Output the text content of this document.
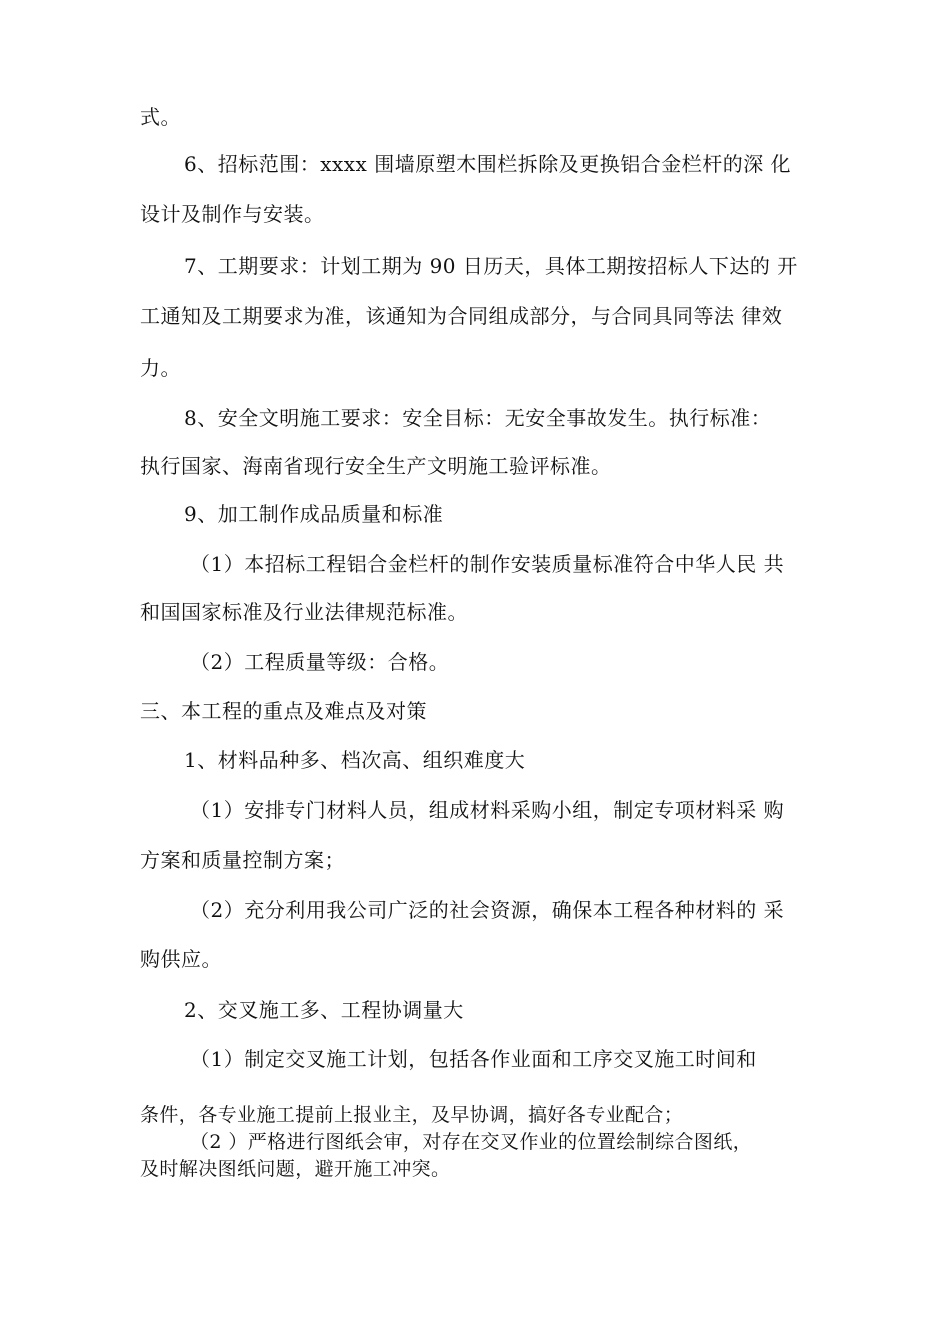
式。
6、招标范围：xxxx 围墙原塑木围栏拆除及更换铝合金栏杆的深 化
设计及制作与安装。
7、工期要求：计划工期为 90 日历天，具体工期按招标人下达的 开
工通知及工期要求为准，该通知为合同组成部分，与合同具同等法 律效
力。
8、安全文明施工要求：安全目标：无安全事故发生。执行标准：
执行国家、海南省现行安全生产文明施工验评标准。
9、加工制作成品质量和标准
（1）本招标工程铝合金栏杆的制作安装质量标准符合中华人民 共
和国国家标准及行业法律规范标准。
（2）工程质量等级：合格。
三、本工程的重点及难点及对策
1、材料品种多、档次高、组织难度大
（1）安排专门材料人员，组成材料采购小组，制定专项材料采 购
方案和质量控制方案；
（2）充分利用我公司广泛的社会资源，确保本工程各种材料的 采
购供应。
2、交叉施工多、工程协调量大
（1）制定交叉施工计划，包括各作业面和工序交叉施工时间和
条件，各专业施工提前上报业主，及早协调，搞好各专业配合；
（2 ）严格进行图纸会审，对存在交叉作业的位置绘制综合图纸，
及时解决图纸问题，避开施工冲突。
